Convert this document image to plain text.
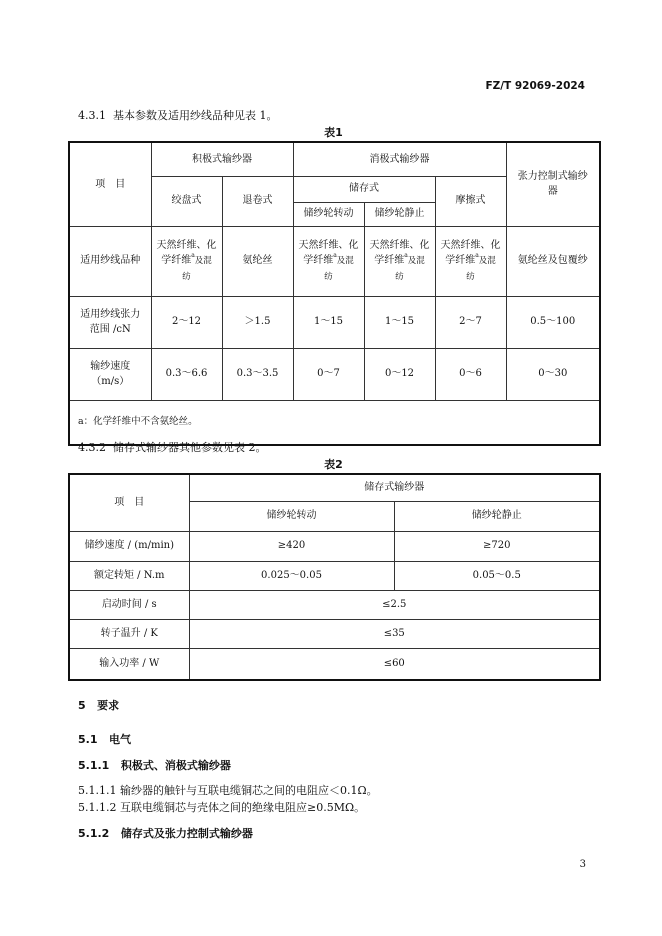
FZ/T 92069-2024
4.3.1 基本参数及适用纱线品种见表 1。
表1
项　目	积极式输纱器		消极式输纱器			张力控制式输纱器

	绞盘式	退卷式	储存式		摩擦式	
			储纱轮转动	储纱轮静止		
适用纱线品种	天然纤维、化
学纤维$^a$及混
纺	氨纶丝	天然纤维、化
学纤维$^a$及混
纺	天然纤维、化
学纤维$^a$及混
纺	天然纤维、化
学纤维$^a$及混
纺	氨纶丝及包覆纱
适用纱线张力
范围 /cN	2～12	＞1.5	1～15	1～15	2～7	0.5～100
输纱速度
（m/s）	0.3～6.6	0.3～3.5	0～7	0～12	0～6	0～30
a：化学纤维中不含氨纶丝。						
4.3.2 储存式输纱器其他参数见表 2。
表2
项　目	储存式输纱器	
	储纱轮转动	储纱轮静止
储纱速度 / (m/min)	≥420	≥720
额定转矩 / N.m	0.025～0.05	0.05～0.5
启动时间 / s	≤2.5	
转子温升 / K	≤35	
输入功率 / W	≤60	
5 要求
5.1 电气
5.1.1 积极式、消极式输纱器
5.1.1.1 输纱器的触针与互联电缆铜芯之间的电阻应＜0.1Ω。
5.1.1.2 互联电缆铜芯与壳体之间的绝缘电阻应≥0.5MΩ。
5.1.2 储存式及张力控制式输纱器
3
